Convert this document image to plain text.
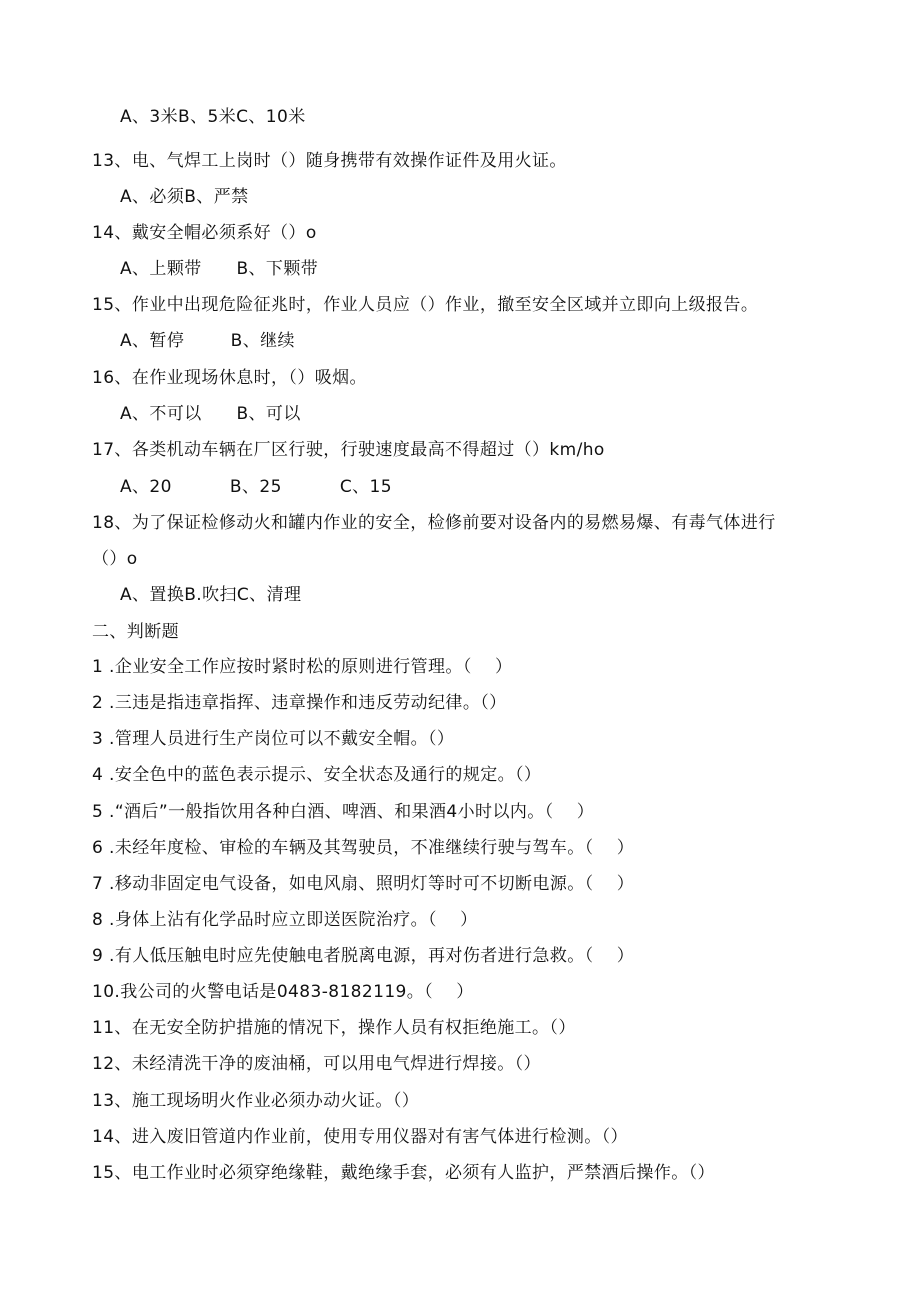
A、3米B、5米C、10米
13、电、气焊工上岗时（）随身携带有效操作证件及用火证。
A、必须B、严禁
14、戴安全帽必须系好（）o
A、上颗带      B、下颗带
15、作业中出现危险征兆时，作业人员应（）作业，撤至安全区域并立即向上级报告。
A、暂停        B、继续
16、在作业现场休息时，（）吸烟。
A、不可以      B、可以
17、各类机动车辆在厂区行驶，行驶速度最高不得超过（）km/ho
A、20          B、25          C、15
18、为了保证检修动火和罐内作业的安全，检修前要对设备内的易燃易爆、有毒气体进行
（）o
A、置换B.吹扫C、清理
二、判断题
1 .企业安全工作应按时紧时松的原则进行管理。（    ）
2 .三违是指违章指挥、违章操作和违反劳动纪律。（）
3 .管理人员进行生产岗位可以不戴安全帽。（）
4 .安全色中的蓝色表示提示、安全状态及通行的规定。（）
5 .“酒后”一般指饮用各种白酒、啤酒、和果酒4小时以内。（    ）
6 .未经年度检、审检的车辆及其驾驶员，不准继续行驶与驾车。（    ）
7 .移动非固定电气设备，如电风扇、照明灯等时可不切断电源。（    ）
8 .身体上沾有化学品时应立即送医院治疗。（    ）
9 .有人低压触电时应先使触电者脱离电源，再对伤者进行急救。（    ）
10.我公司的火警电话是0483-8182119。（    ）
11、在无安全防护措施的情况下，操作人员有权拒绝施工。（）
12、未经清洗干净的废油桶，可以用电气焊进行焊接。（）
13、施工现场明火作业必须办动火证。（）
14、进入废旧管道内作业前，使用专用仪器对有害气体进行检测。（）
15、电工作业时必须穿绝缘鞋，戴绝缘手套，必须有人监护，严禁酒后操作。（）
